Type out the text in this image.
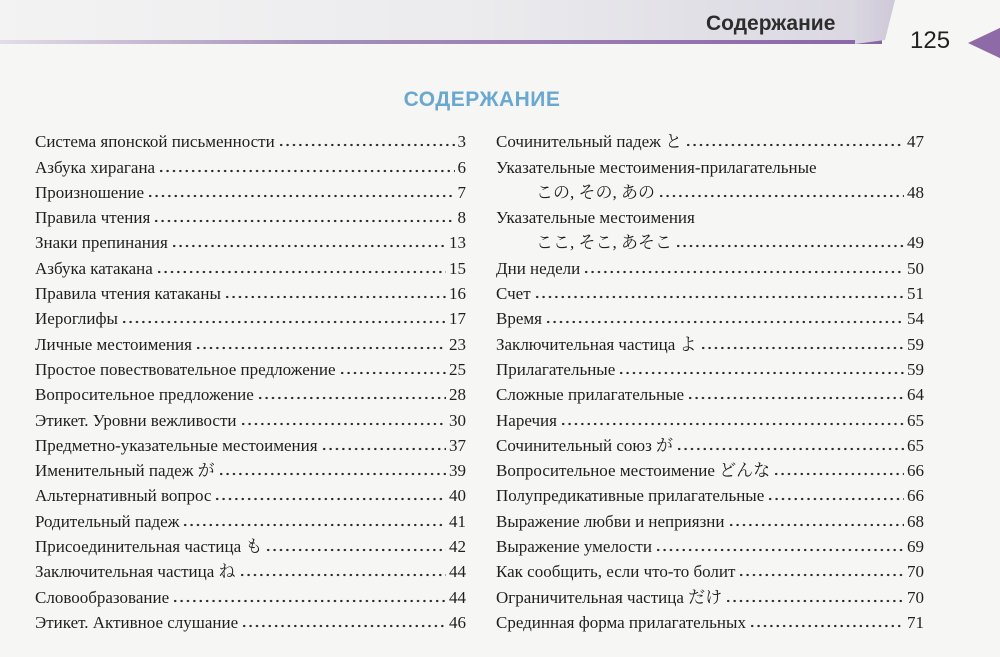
Содержание
125
СОДЕРЖАНИЕ
Система японской письменности	3
Азбука хирагана	6
Произношение	7
Правила чтения	8
Знаки препинания	13
Азбука катакана	15
Правила чтения катаканы	16
Иероглифы	17
Личные местоимения	23
Простое повествовательное предложение	25
Вопросительное предложение	28
Этикет. Уровни вежливости	30
Предметно-указательные местоимения	37
Именительный падеж が	39
Альтернативный вопрос	40
Родительный падеж	41
Присоединительная частица も	42
Заключительная частица ね	44
Словообразование	44
Этикет. Активное слушание	46
Сочинительный падеж と	47
Указательные местоимения-прилагательные
この, その, あの	48
Указательные местоимения
ここ, そこ, あそこ	49
Дни недели	50
Счет	51
Время	54
Заключительная частица よ	59
Прилагательные	59
Сложные прилагательные	64
Наречия	65
Сочинительный союз が	65
Вопросительное местоимение どんな	66
Полупредикативные прилагательные	66
Выражение любви и неприязни	68
Выражение умелости	69
Как сообщить, если что-то болит	70
Ограничительная частица だけ	70
Срединная форма прилагательных	71
